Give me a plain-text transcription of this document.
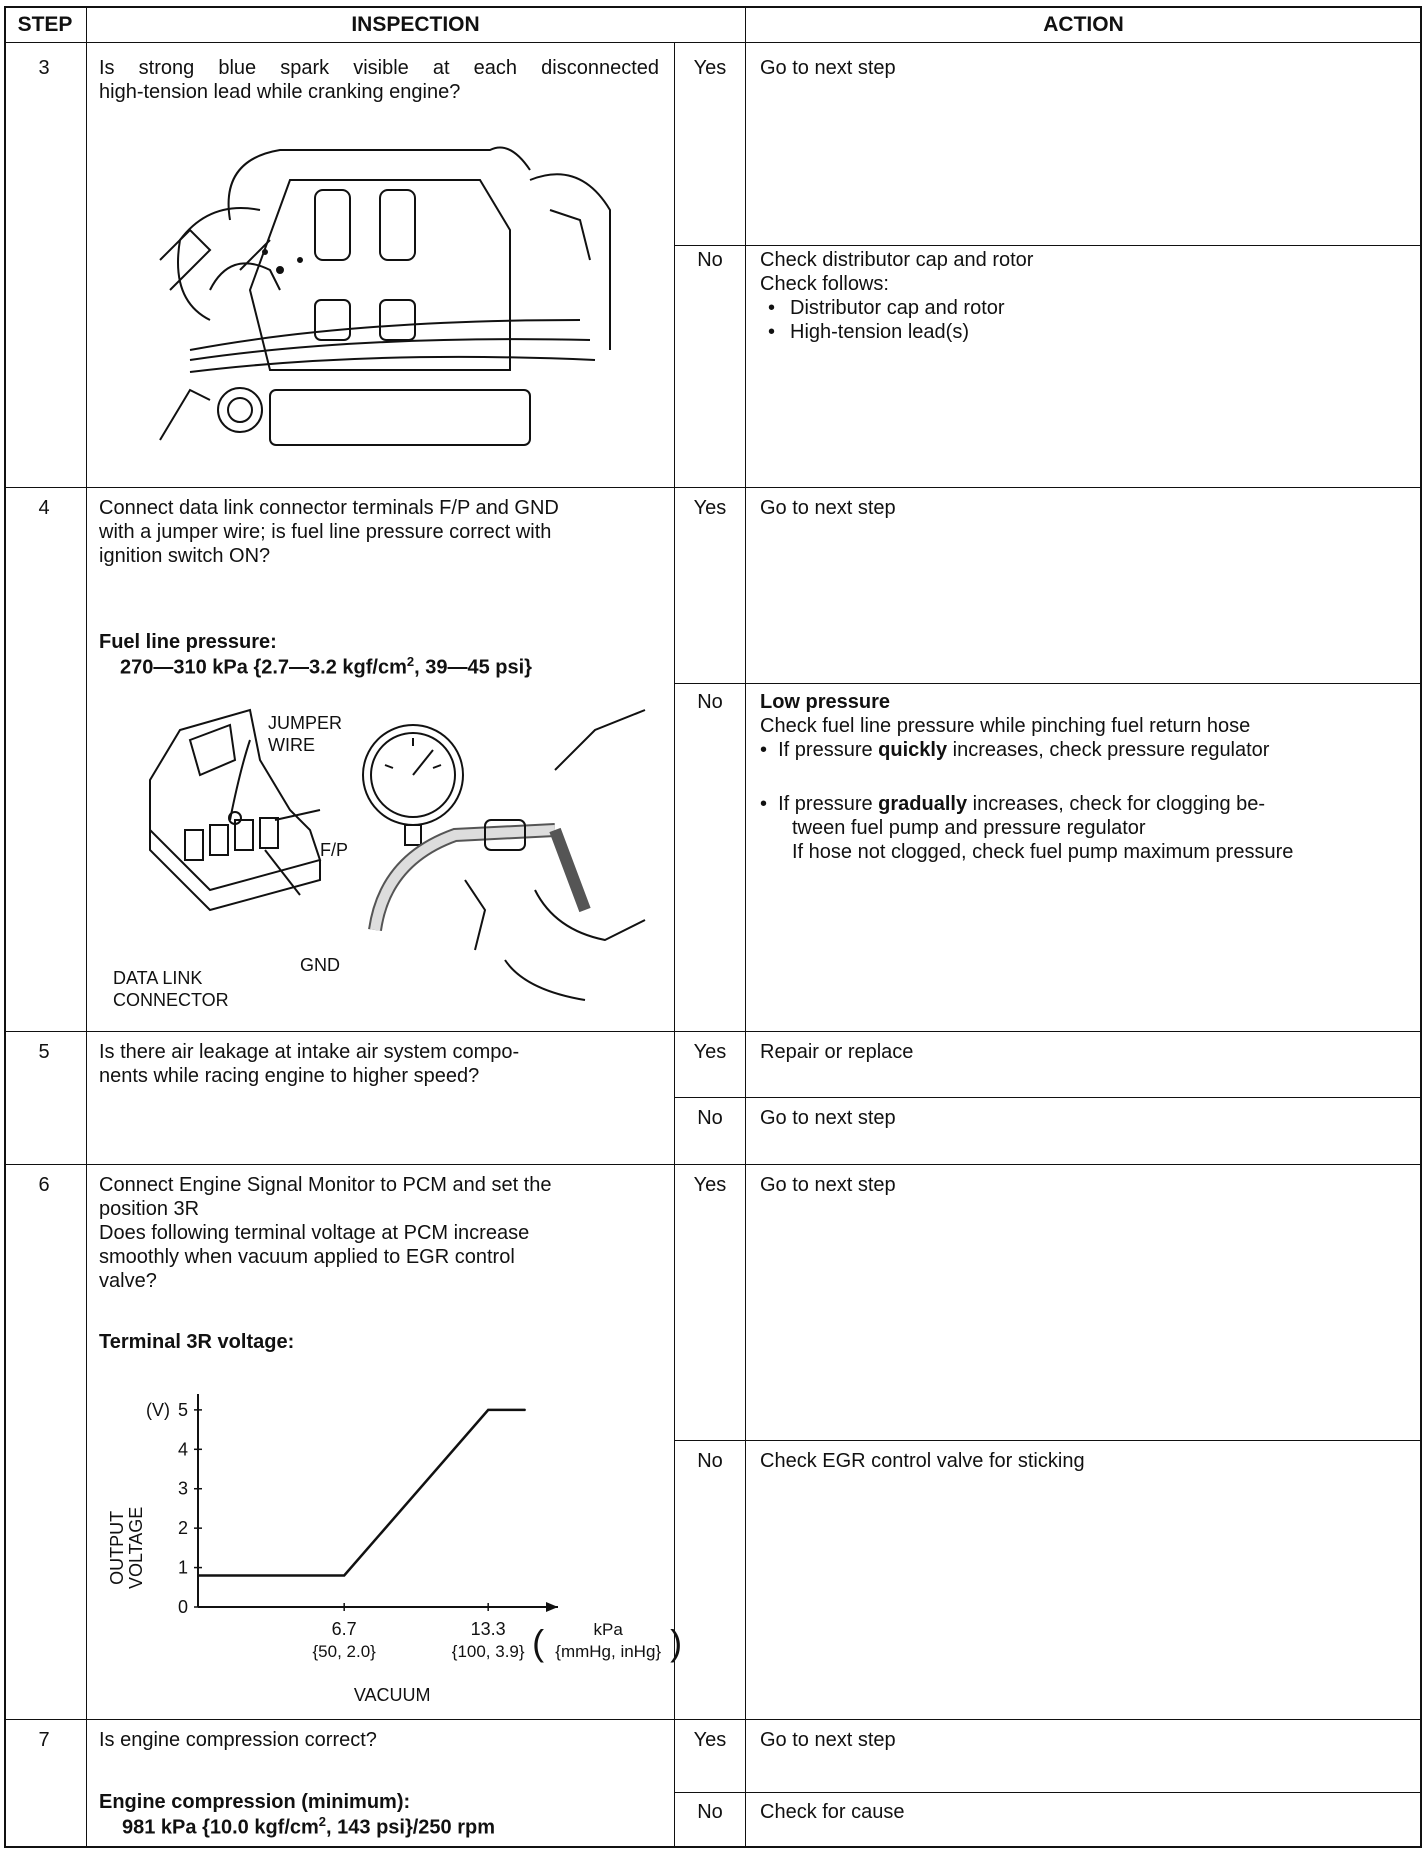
STEP	INSPECTION	ACTION
3	Is strong blue spark visible at each disconnected
high-tension lead while cranking engine?
Yes Go to next step
No	Check distributor cap and rotor
Check follows:
• Distributor cap and rotor
• High-tension lead(s)
4	Connect data link connector terminals F/P and GND
with a jumper wire; is fuel line pressure correct with
ignition switch ON?
Fuel line pressure:
270—310 kPa {2.7—3.2 kgf/$cm^2$, 39—45 psi}
JUMPER
WIRE
F/P
GND
DATA LINK
CONNECTOR
Yes Go to next step
No	Low pressure
Check fuel line pressure while pinching fuel return hose
•  If pressure quickly increases, check pressure regulator
•  If pressure gradually increases, check for clogging be-
tween fuel pump and pressure regulator
If hose not clogged, check fuel pump maximum pressure
5	Is there air leakage at intake air system compo-
nents while racing engine to higher speed?
Yes Repair or replace
No	Go to next step
6	Connect Engine Signal Monitor to PCM and set the
position 3R
Does following terminal voltage at PCM increase
smoothly when vacuum applied to EGR control
valve?
Terminal 3R voltage:
0
1
2
3
4
5
(V)
OUTPUT VOLTAGE
6.7
{50, 2.0}
13.3
{100, 3.9}
kPa
{mmHg, inHg}
(	)
VACUUM
Yes Go to next step
No	Check EGR control valve for sticking
7	Is engine compression correct?
Engine compression (minimum):
981 kPa {10.0 kgf/$cm^2$, 143 psi}/250 rpm
Yes Go to next step
No	Check for cause
